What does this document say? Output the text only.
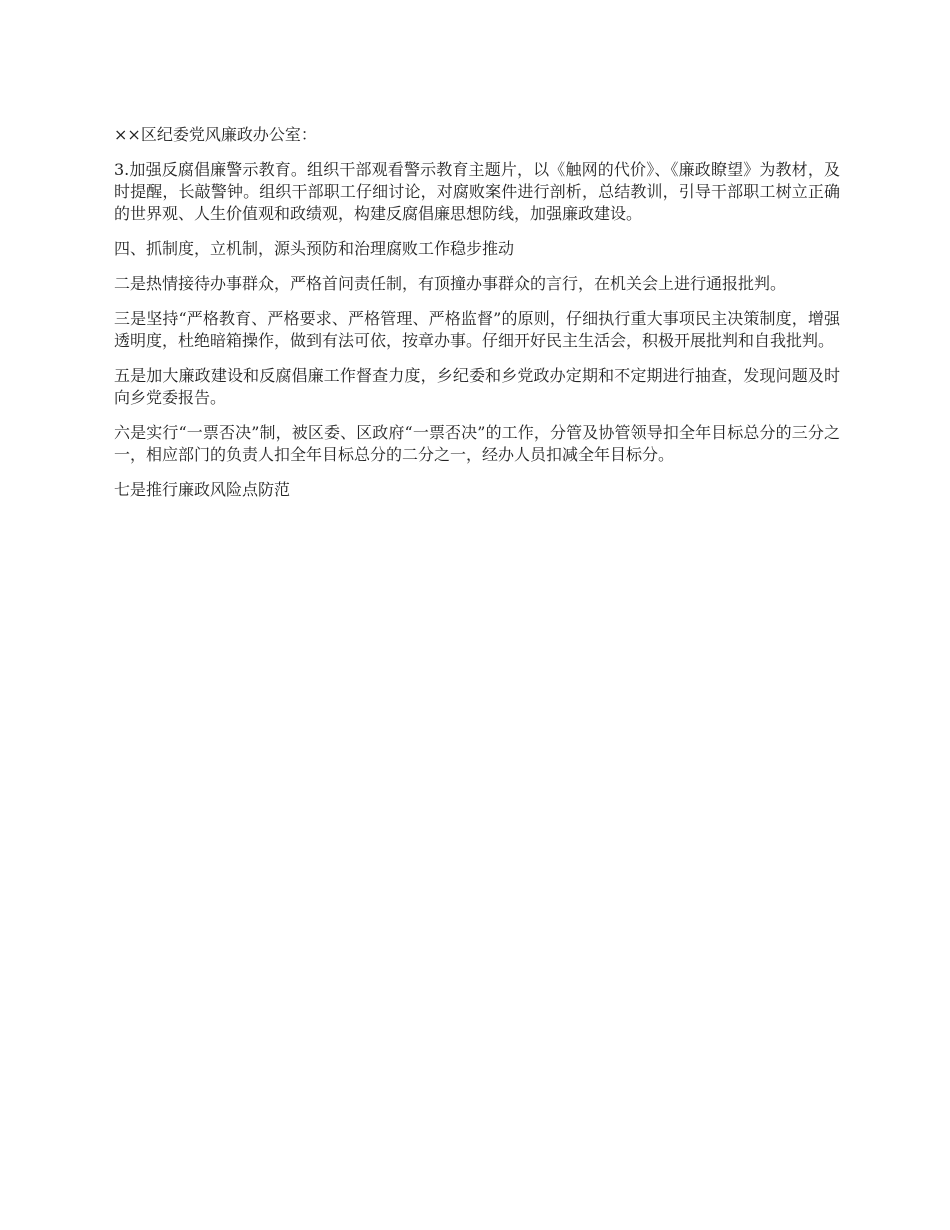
××区纪委党风廉政办公室：

3.加强反腐倡廉警示教育。组织干部观看警示教育主题片，以《触网的代价》、《廉政瞭望》为教材，及时提醒，长敲警钟。组织干部职工仔细讨论，对腐败案件进行剖析，总结教训，引导干部职工树立正确的世界观、人生价值观和政绩观，构建反腐倡廉思想防线，加强廉政建设。

四、抓制度，立机制，源头预防和治理腐败工作稳步推动

二是热情接待办事群众，严格首问责任制，有顶撞办事群众的言行，在机关会上进行通报批判。

三是坚持“严格教育、严格要求、严格管理、严格监督”的原则，仔细执行重大事项民主决策制度，增强透明度，杜绝暗箱操作，做到有法可依，按章办事。仔细开好民主生活会，积极开展批判和自我批判。

五是加大廉政建设和反腐倡廉工作督查力度，乡纪委和乡党政办定期和不定期进行抽查，发现问题及时向乡党委报告。

六是实行“一票否决”制，被区委、区政府“一票否决”的工作，分管及协管领导扣全年目标总分的三分之一，相应部门的负责人扣全年目标总分的二分之一，经办人员扣减全年目标分。

七是推行廉政风险点防范
